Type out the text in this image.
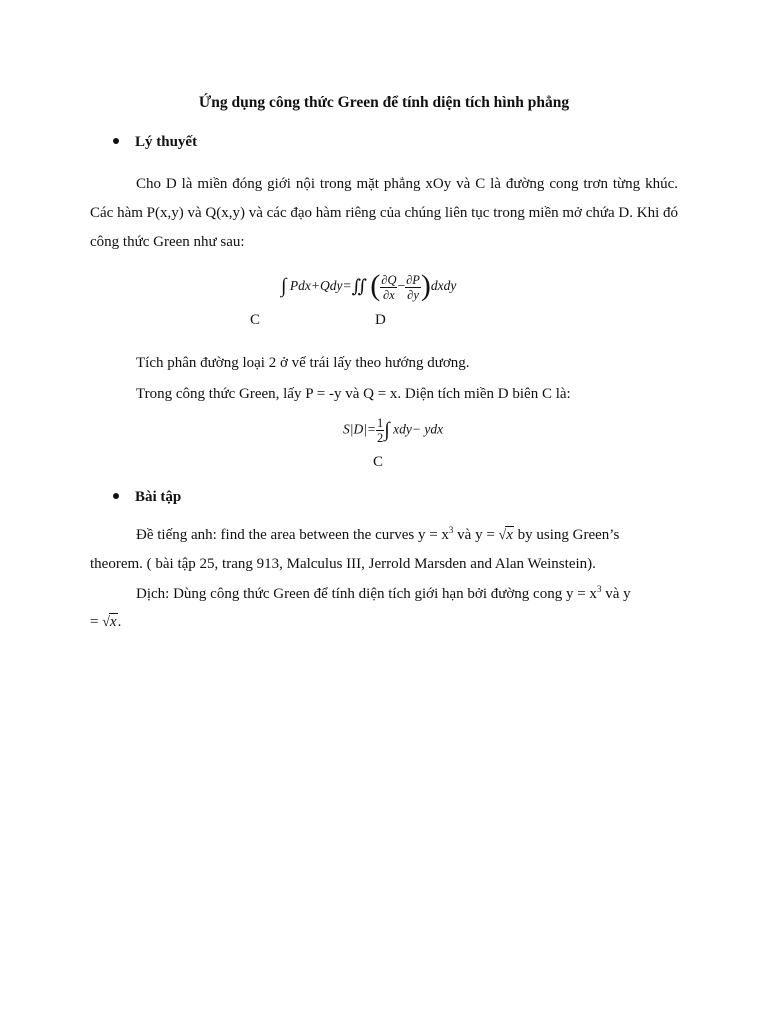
Ứng dụng công thức Green để tính diện tích hình phẳng
Lý thuyết

Cho D là miền đóng giới nội trong mặt phẳng xOy và C là đường cong trơn từng khúc. Các hàm P(x,y) và Q(x,y) và các đạo hàm riêng của chúng liên tục trong miền mở chứa D. Khi đó công thức Green như sau:

∫ Pdx+Qdy=∬ ( $\frac{\partial Q}{\partial x} - \frac{\partial P}{\partial y}$ )dxdy
C	D
Tích phân đường loại 2 ở vế trái lấy theo hướng dương.
Trong công thức Green, lấy P = -y và Q = x. Diện tích miền D biên C là:
$S|D|= \frac{1}{2}$ ∫ xdy− ydx
C
Bài tập
Đề tiếng anh: find the area between the curves $y = x^3$ và y = √x by using Green’s
theorem. ( bài tập 25, trang 913, Malculus III, Jerrold Marsden and Alan Weinstein).
Dịch: Dùng công thức Green để tính diện tích giới hạn bởi đường cong $y = x^3$ và y
= √x.
